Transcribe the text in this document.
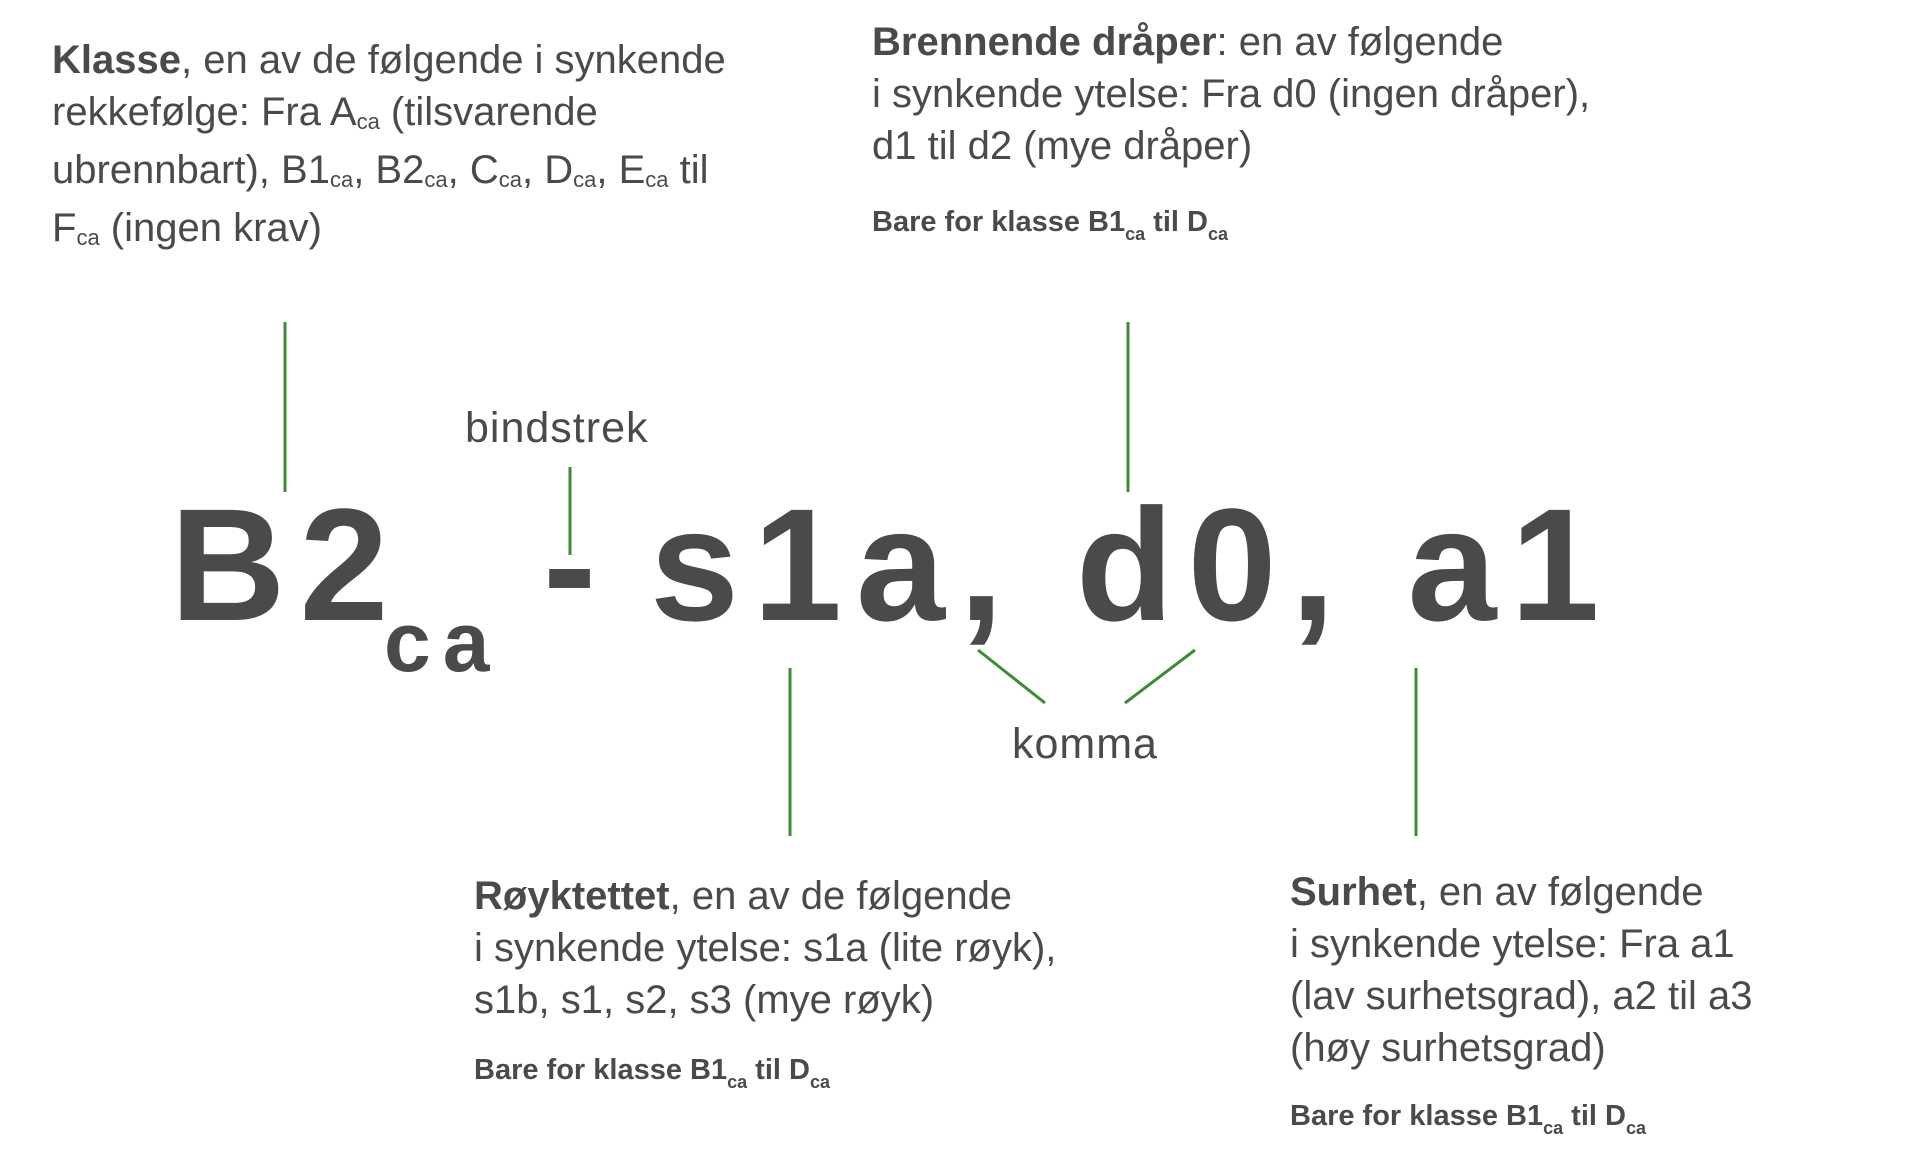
Klasse, en av de følgende i synkende
rekkefølge: Fra Aca (tilsvarende
ubrennbart), B1ca, B2ca, Cca, Dca, Eca til
Fca (ingen krav)
Brennende dråper: en av følgende
i synkende ytelse: Fra d0 (ingen dråper),
d1 til d2 (mye dråper)
Bare for klasse $B1_{ca}$ til $D_{ca}$
bindstrek
B2
ca - s1a, d0, a1
komma
Røyktettet, en av de følgende
i synkende ytelse: s1a (lite røyk),
s1b, s1, s2, s3 (mye røyk)
Bare for klasse $B1_{ca}$ til $D_{ca}$
Surhet, en av følgende
i synkende ytelse: Fra a1
(lav surhetsgrad), a2 til a3
(høy surhetsgrad)
Bare for klasse $B1_{ca}$ til $D_{ca}$
